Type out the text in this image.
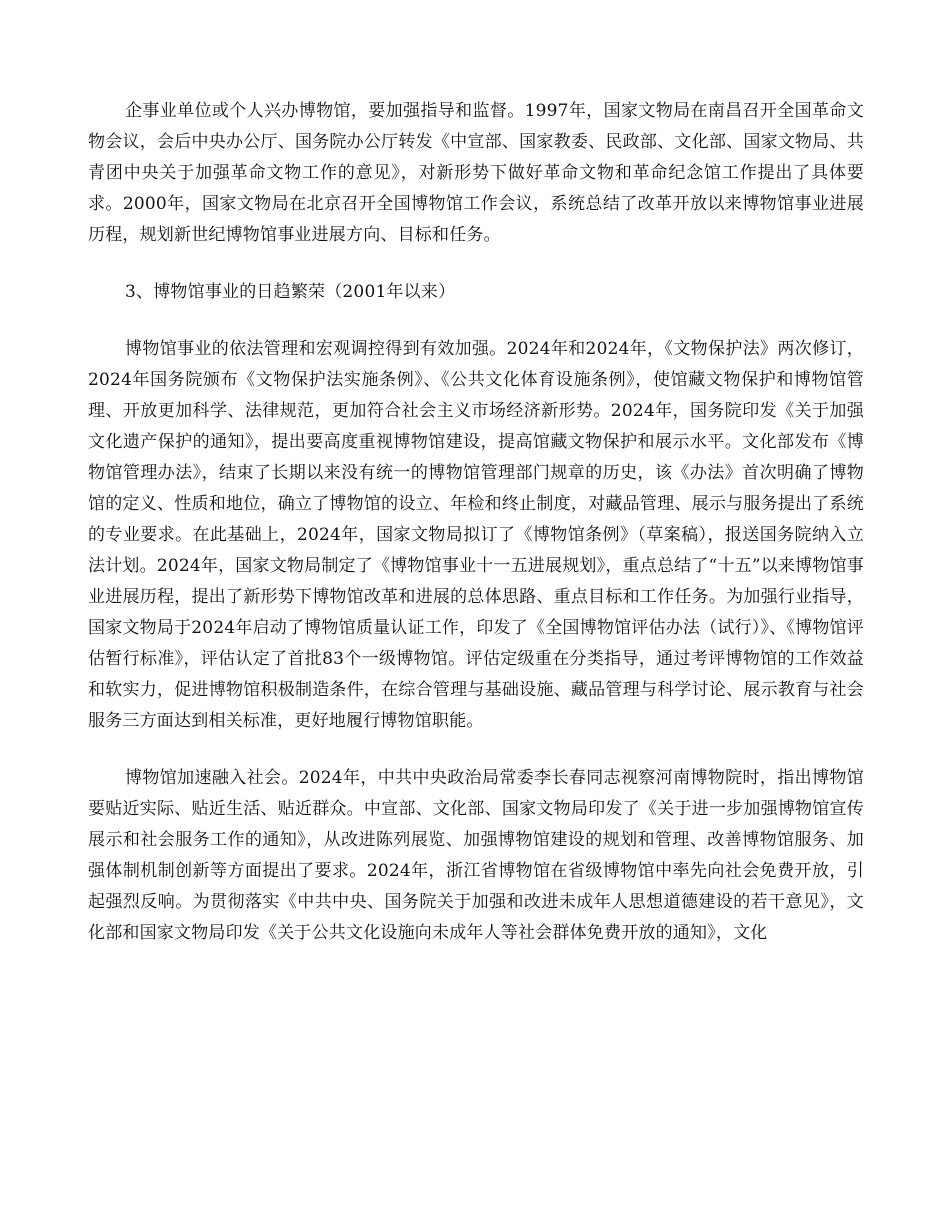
企事业单位或个人兴办博物馆，要加强指导和监督。1997年，国家文物局在南昌召开全国革命文物会议，会后中央办公厅、国务院办公厅转发《中宣部、国家教委、民政部、文化部、国家文物局、共青团中央关于加强革命文物工作的意见》，对新形势下做好革命文物和革命纪念馆工作提出了具体要求。2000年，国家文物局在北京召开全国博物馆工作会议，系统总结了改革开放以来博物馆事业进展历程，规划新世纪博物馆事业进展方向、目标和任务。

3、博物馆事业的日趋繁荣（2001年以来）

博物馆事业的依法管理和宏观调控得到有效加强。2024年和2024年，《文物保护法》两次修订，2024年国务院颁布《文物保护法实施条例》、《公共文化体育设施条例》，使馆藏文物保护和博物馆管理、开放更加科学、法律规范，更加符合社会主义市场经济新形势。2024年，国务院印发《关于加强文化遗产保护的通知》，提出要高度重视博物馆建设，提高馆藏文物保护和展示水平。文化部发布《博物馆管理办法》，结束了长期以来没有统一的博物馆管理部门规章的历史，该《办法》首次明确了博物馆的定义、性质和地位，确立了博物馆的设立、年检和终止制度，对藏品管理、展示与服务提出了系统的专业要求。在此基础上，2024年，国家文物局拟订了《博物馆条例》（草案稿），报送国务院纳入立法计划。2024年，国家文物局制定了《博物馆事业十一五进展规划》，重点总结了“十五”以来博物馆事业进展历程，提出了新形势下博物馆改革和进展的总体思路、重点目标和工作任务。为加强行业指导，国家文物局于2024年启动了博物馆质量认证工作，印发了《全国博物馆评估办法（试行）》、《博物馆评估暂行标准》，评估认定了首批83个一级博物馆。评估定级重在分类指导，通过考评博物馆的工作效益和软实力，促进博物馆积极制造条件，在综合管理与基础设施、藏品管理与科学讨论、展示教育与社会服务三方面达到相关标准，更好地履行博物馆职能。

博物馆加速融入社会。2024年，中共中央政治局常委李长春同志视察河南博物院时，指出博物馆要贴近实际、贴近生活、贴近群众。中宣部、文化部、国家文物局印发了《关于进一步加强博物馆宣传展示和社会服务工作的通知》，从改进陈列展览、加强博物馆建设的规划和管理、改善博物馆服务、加强体制机制创新等方面提出了要求。2024年，浙江省博物馆在省级博物馆中率先向社会免费开放，引起强烈反响。为贯彻落实《中共中央、国务院关于加强和改进未成年人思想道德建设的若干意见》，文化部和国家文物局印发《关于公共文化设施向未成年人等社会群体免费开放的通知》，文化
